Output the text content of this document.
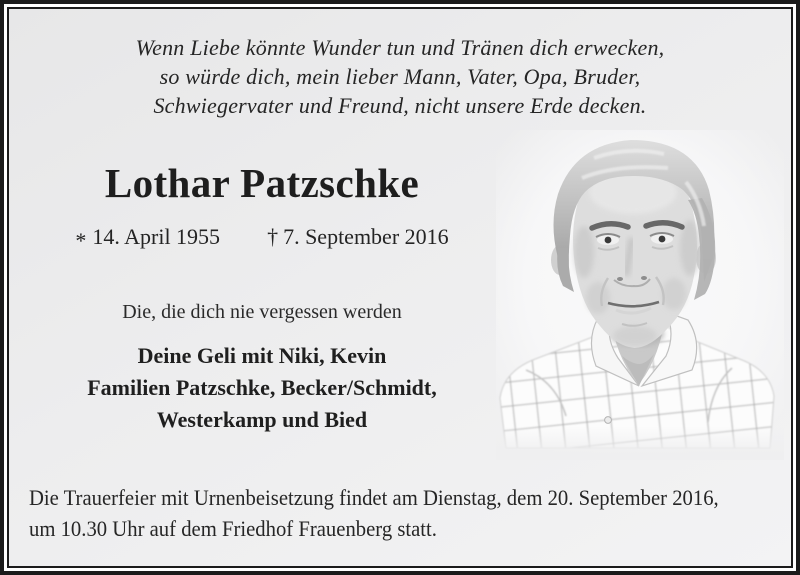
Wenn Liebe könnte Wunder tun und Tränen dich erwecken,
so würde dich, mein lieber Mann, Vater, Opa, Bruder,
Schwiegervater und Freund, nicht unsere Erde decken.
Lothar Patzschke
* 14. April 1955 † 7. September 2016
Die, die dich nie vergessen werden
Deine Geli mit Niki, Kevin
Familien Patzschke, Becker/Schmidt,
Westerkamp und Bied
Die Trauerfeier mit Urnenbeisetzung findet am Dienstag, dem 20. September 2016,
um 10.30 Uhr auf dem Friedhof Frauenberg statt.
